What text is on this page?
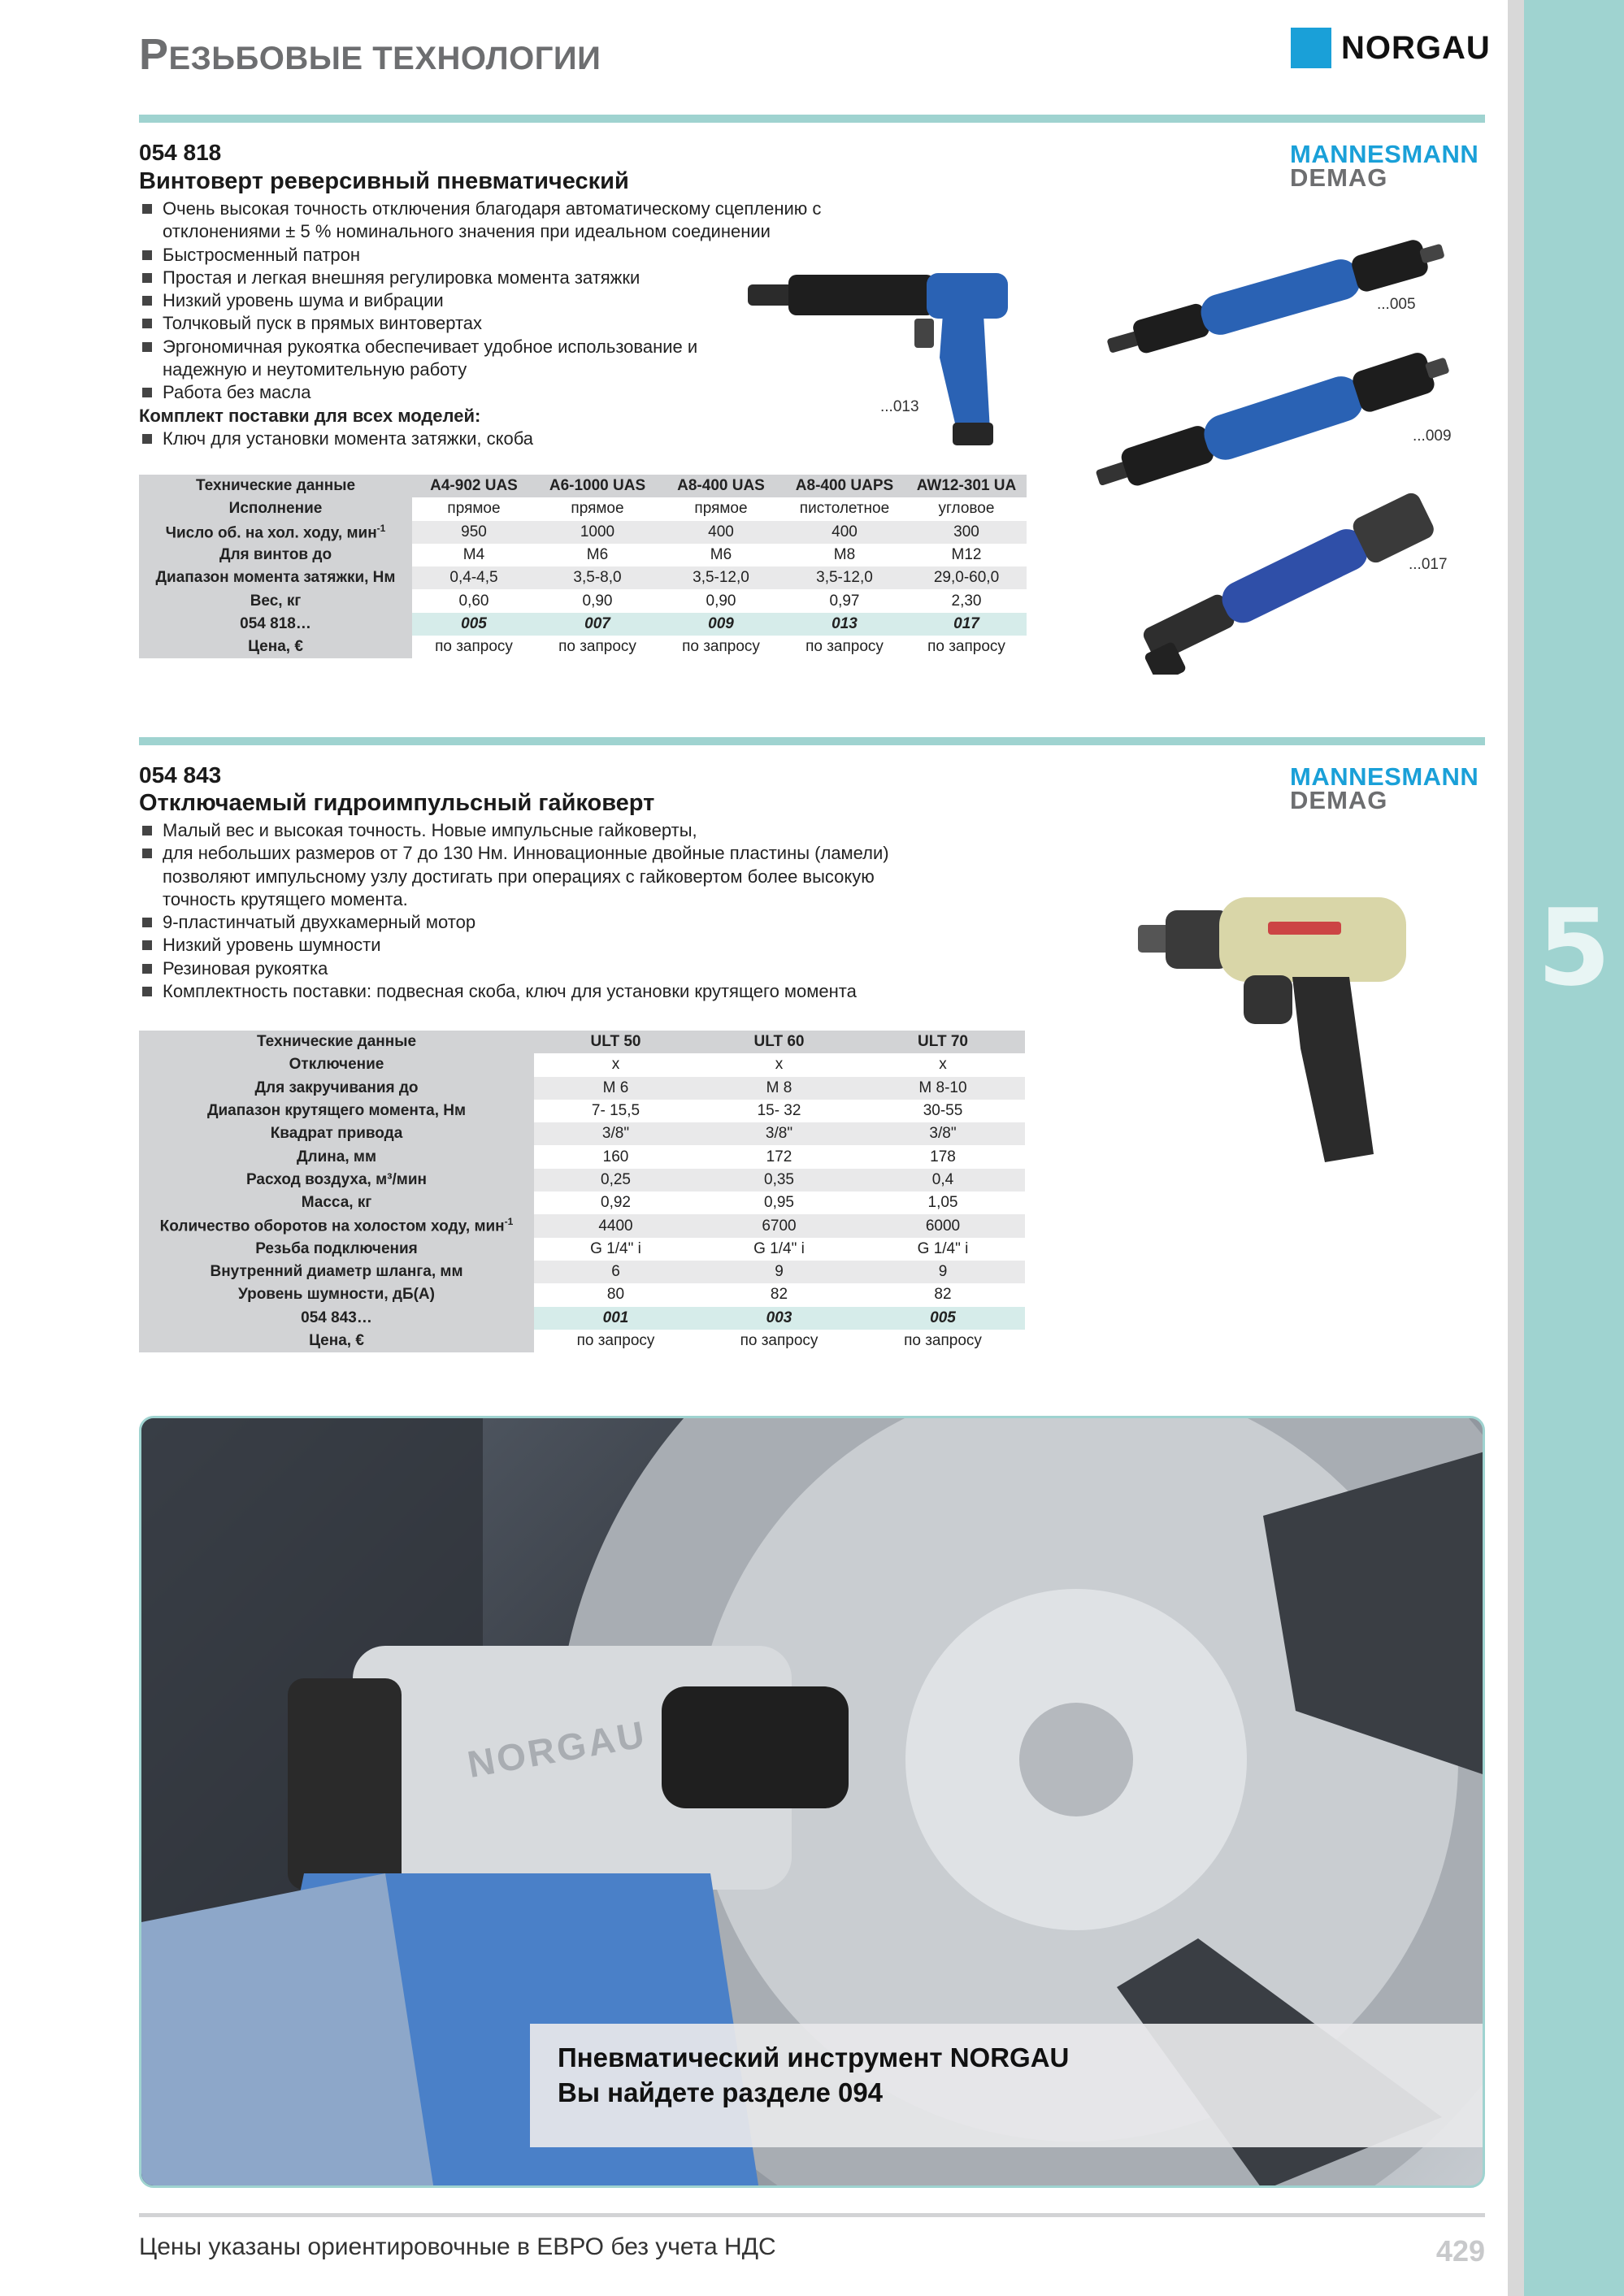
5
РЕЗЬБОВЫЕ ТЕХНОЛОГИИ	NORGAU
054 818
Винтоверт реверсивный пневматический
MANNESMANN
DEMAG
Очень высокая точность отключения благодаря автоматическому сцеплению с отклонениями ± 5 % номинального значения при идеальном соединении
Быстросменный патрон
Простая и легкая внешняя регулировка момента затяжки
Низкий уровень шума и вибрации
Толчковый пуск в прямых винтовертах
Эргономичная рукоятка обеспечивает удобное использование и надежную и неутомительную работу
Работа без масла
Комплект поставки для всех моделей:
Ключ для установки момента затяжки, скоба
...013
...005
...009
...017
Технические данные	A4-902 UAS	A6-1000 UAS	A8-400 UAS	A8-400 UAPS	AW12-301 UA
Исполнение	прямое	прямое	прямое	пистолетное	угловое
Число об. на хол. ходу, мин$^{-1}$	950	1000	400	400	300
Для винтов до	M4	M6	M6	M8	M12
Диапазон момента затяжки, Нм	0,4-4,5	3,5-8,0	3,5-12,0	3,5-12,0	29,0-60,0
Вес, кг	0,60	0,90	0,90	0,97	2,30
054 818…	005	007	009	013	017
Цена, €	по запросу	по запросу	по запросу	по запросу	по запросу
054 843
Отключаемый гидроимпульсный гайковерт
MANNESMANN
DEMAG
Малый вес и высокая точность. Новые импульсные гайковерты,
для небольших размеров от 7 до 130 Нм. Инновационные двойные пластины (ламели) позволяют импульсному узлу достигать при операциях с гайковертом более высокую точность крутящего момента.
9-пластинчатый двухкамерный мотор
Низкий уровень шумности
Резиновая рукоятка
Комплектность поставки: подвесная скоба, ключ для установки крутящего момента
Технические данные	ULT 50	ULT 60	ULT 70
Отключение	x	x	x
Для закручивания до	M 6	M 8	M 8-10
Диапазон крутящего момента, Нм	7- 15,5	15- 32	30-55
Квадрат привода	3/8"	3/8"	3/8"
Длина, мм	160	172	178
Расход воздуха, м³/мин	0,25	0,35	0,4
Масса, кг	0,92	0,95	1,05
Количество оборотов на холостом ходу, мин$^{-1}$	4400	6700	6000
Резьба подключения	G 1/4" i	G 1/4" i	G 1/4" i
Внутренний диаметр шланга, мм	6	9	9
Уровень шумности, дБ(А)	80	82	82
054 843…	001	003	005
Цена, €	по запросу	по запросу	по запросу
NORGAU
Пневматический инструмент NORGAU
Вы найдете разделе 094
Цены указаны ориентировочные в ЕВРО без учета НДС	429
